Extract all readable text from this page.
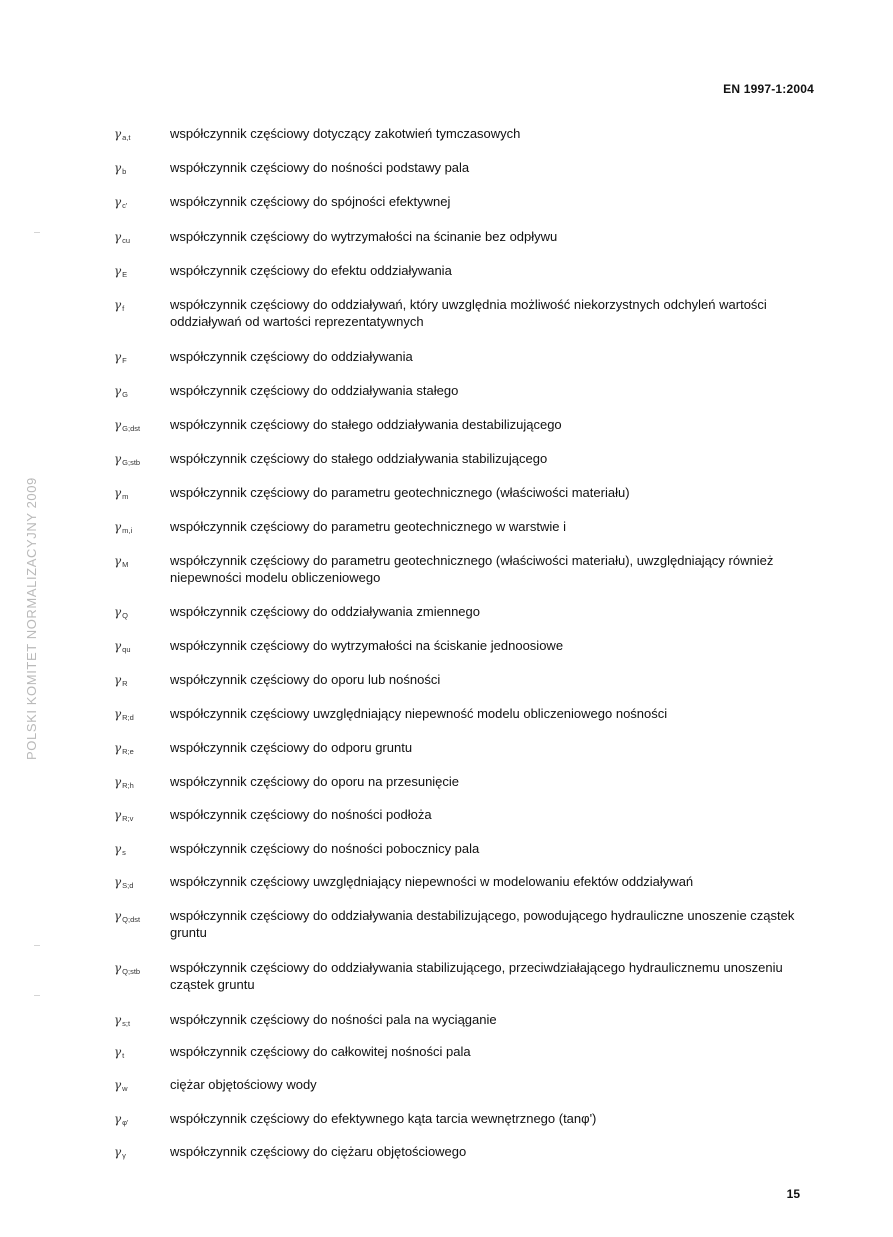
EN 1997-1:2004
POLSKI KOMITET NORMALIZACYJNY 2009
$\gamma_{a,t}$	współczynnik częściowy dotyczący zakotwień tymczasowych
$\gamma_b$	współczynnik częściowy do nośności podstawy pala
$\gamma_{c'}$	współczynnik częściowy do spójności efektywnej
$\gamma_{cu}$	współczynnik częściowy do wytrzymałości na ścinanie bez odpływu
$\gamma_E$	współczynnik częściowy do efektu oddziaływania
$\gamma_f$	współczynnik częściowy do oddziaływań, który uwzględnia możliwość niekorzystnych odchyleń wartości oddziaływań od wartości reprezentatywnych
$\gamma_F$	współczynnik częściowy do oddziaływania
$\gamma_G$	współczynnik częściowy do oddziaływania stałego
$\gamma_{G;dst}$ współczynnik częściowy do stałego oddziaływania destabilizującego
$\gamma_{G;stb}$ współczynnik częściowy do stałego oddziaływania stabilizującego
$\gamma_m$	współczynnik częściowy do parametru geotechnicznego (właściwości materiału)
$\gamma_{m,i}$	współczynnik częściowy do parametru geotechnicznego w warstwie i
$\gamma_M$	współczynnik częściowy do parametru geotechnicznego (właściwości materiału), uwzględniający również niepewności modelu obliczeniowego
$\gamma_Q$	współczynnik częściowy do oddziaływania zmiennego
$\gamma_{qu}$	współczynnik częściowy do wytrzymałości na ściskanie jednoosiowe
$\gamma_R$	współczynnik częściowy do oporu lub nośności
$\gamma_{R;d}$	współczynnik częściowy uwzględniający niepewność modelu obliczeniowego nośności
$\gamma_{R;e}$	współczynnik częściowy do odporu gruntu
$\gamma_{R;h}$	współczynnik częściowy do oporu na przesunięcie
$\gamma_{R;v}$	współczynnik częściowy do nośności podłoża
$\gamma_s$	współczynnik częściowy do nośności pobocznicy pala
$\gamma_{S;d}$	współczynnik częściowy uwzględniający niepewności w modelowaniu efektów oddziaływań
$\gamma_{Q;dst}$ współczynnik częściowy do oddziaływania destabilizującego, powodującego hydrauliczne unoszenie cząstek gruntu
$\gamma_{Q;stb}$ współczynnik częściowy do oddziaływania stabilizującego, przeciwdziałającego hydraulicznemu unoszeniu cząstek gruntu
$\gamma_{s;t}$	współczynnik częściowy do nośności pala na wyciąganie
$\gamma_t$	współczynnik częściowy do całkowitej nośności pala
$\gamma_w$	ciężar objętościowy wody
$\gamma_{\varphi'}$	współczynnik częściowy do efektywnego kąta tarcia wewnętrznego (tanφ')
$\gamma_\gamma$	współczynnik częściowy do ciężaru objętościowego
15
